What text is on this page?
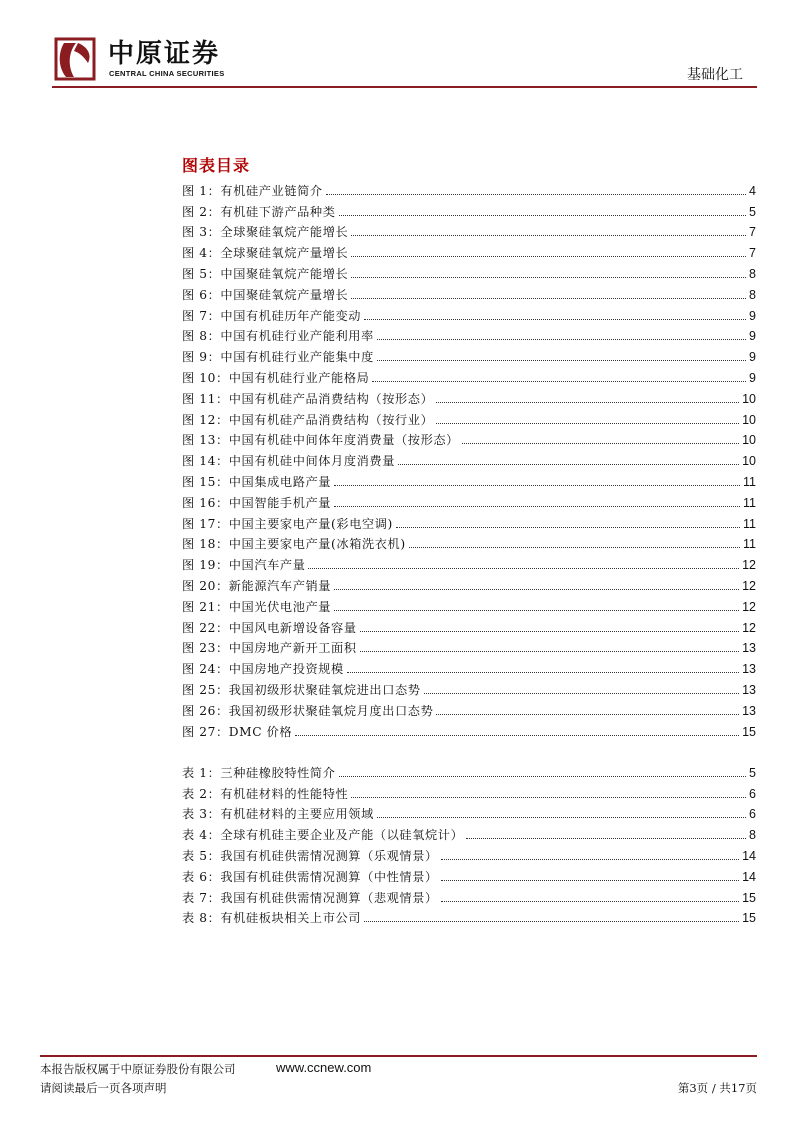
中原证券
CENTRAL CHINA SECURITIES	基础化工
图表目录
图 1：有机硅产业链简介	4
图 2：有机硅下游产品种类	5
图 3：全球聚硅氧烷产能增长	7
图 4：全球聚硅氧烷产量增长	7
图 5：中国聚硅氧烷产能增长	8
图 6：中国聚硅氧烷产量增长	8
图 7：中国有机硅历年产能变动	9
图 8：中国有机硅行业产能利用率	9
图 9：中国有机硅行业产能集中度	9
图 10：中国有机硅行业产能格局	9
图 11：中国有机硅产品消费结构（按形态）	10
图 12：中国有机硅产品消费结构（按行业）	10
图 13：中国有机硅中间体年度消费量（按形态）	10
图 14：中国有机硅中间体月度消费量	10
图 15：中国集成电路产量	11
图 16：中国智能手机产量	11
图 17：中国主要家电产量(彩电空调)	11
图 18：中国主要家电产量(冰箱洗衣机)	11
图 19：中国汽车产量	12
图 20：新能源汽车产销量	12
图 21：中国光伏电池产量	12
图 22：中国风电新增设备容量	12
图 23：中国房地产新开工面积	13
图 24：中国房地产投资规模	13
图 25：我国初级形状聚硅氧烷进出口态势	13
图 26：我国初级形状聚硅氧烷月度出口态势	13
图 27：DMC 价格	15
表 1：三种硅橡胶特性简介	5
表 2：有机硅材料的性能特性	6
表 3：有机硅材料的主要应用领域	6
表 4：全球有机硅主要企业及产能（以硅氧烷计）	8
表 5：我国有机硅供需情况测算（乐观情景）	14
表 6：我国有机硅供需情况测算（中性情景）	14
表 7：我国有机硅供需情况测算（悲观情景）	15
表 8：有机硅板块相关上市公司	15
本报告版权属于中原证券股份有限公司
请阅读最后一页各项声明
www.ccnew.com
第3页 / 共17页
